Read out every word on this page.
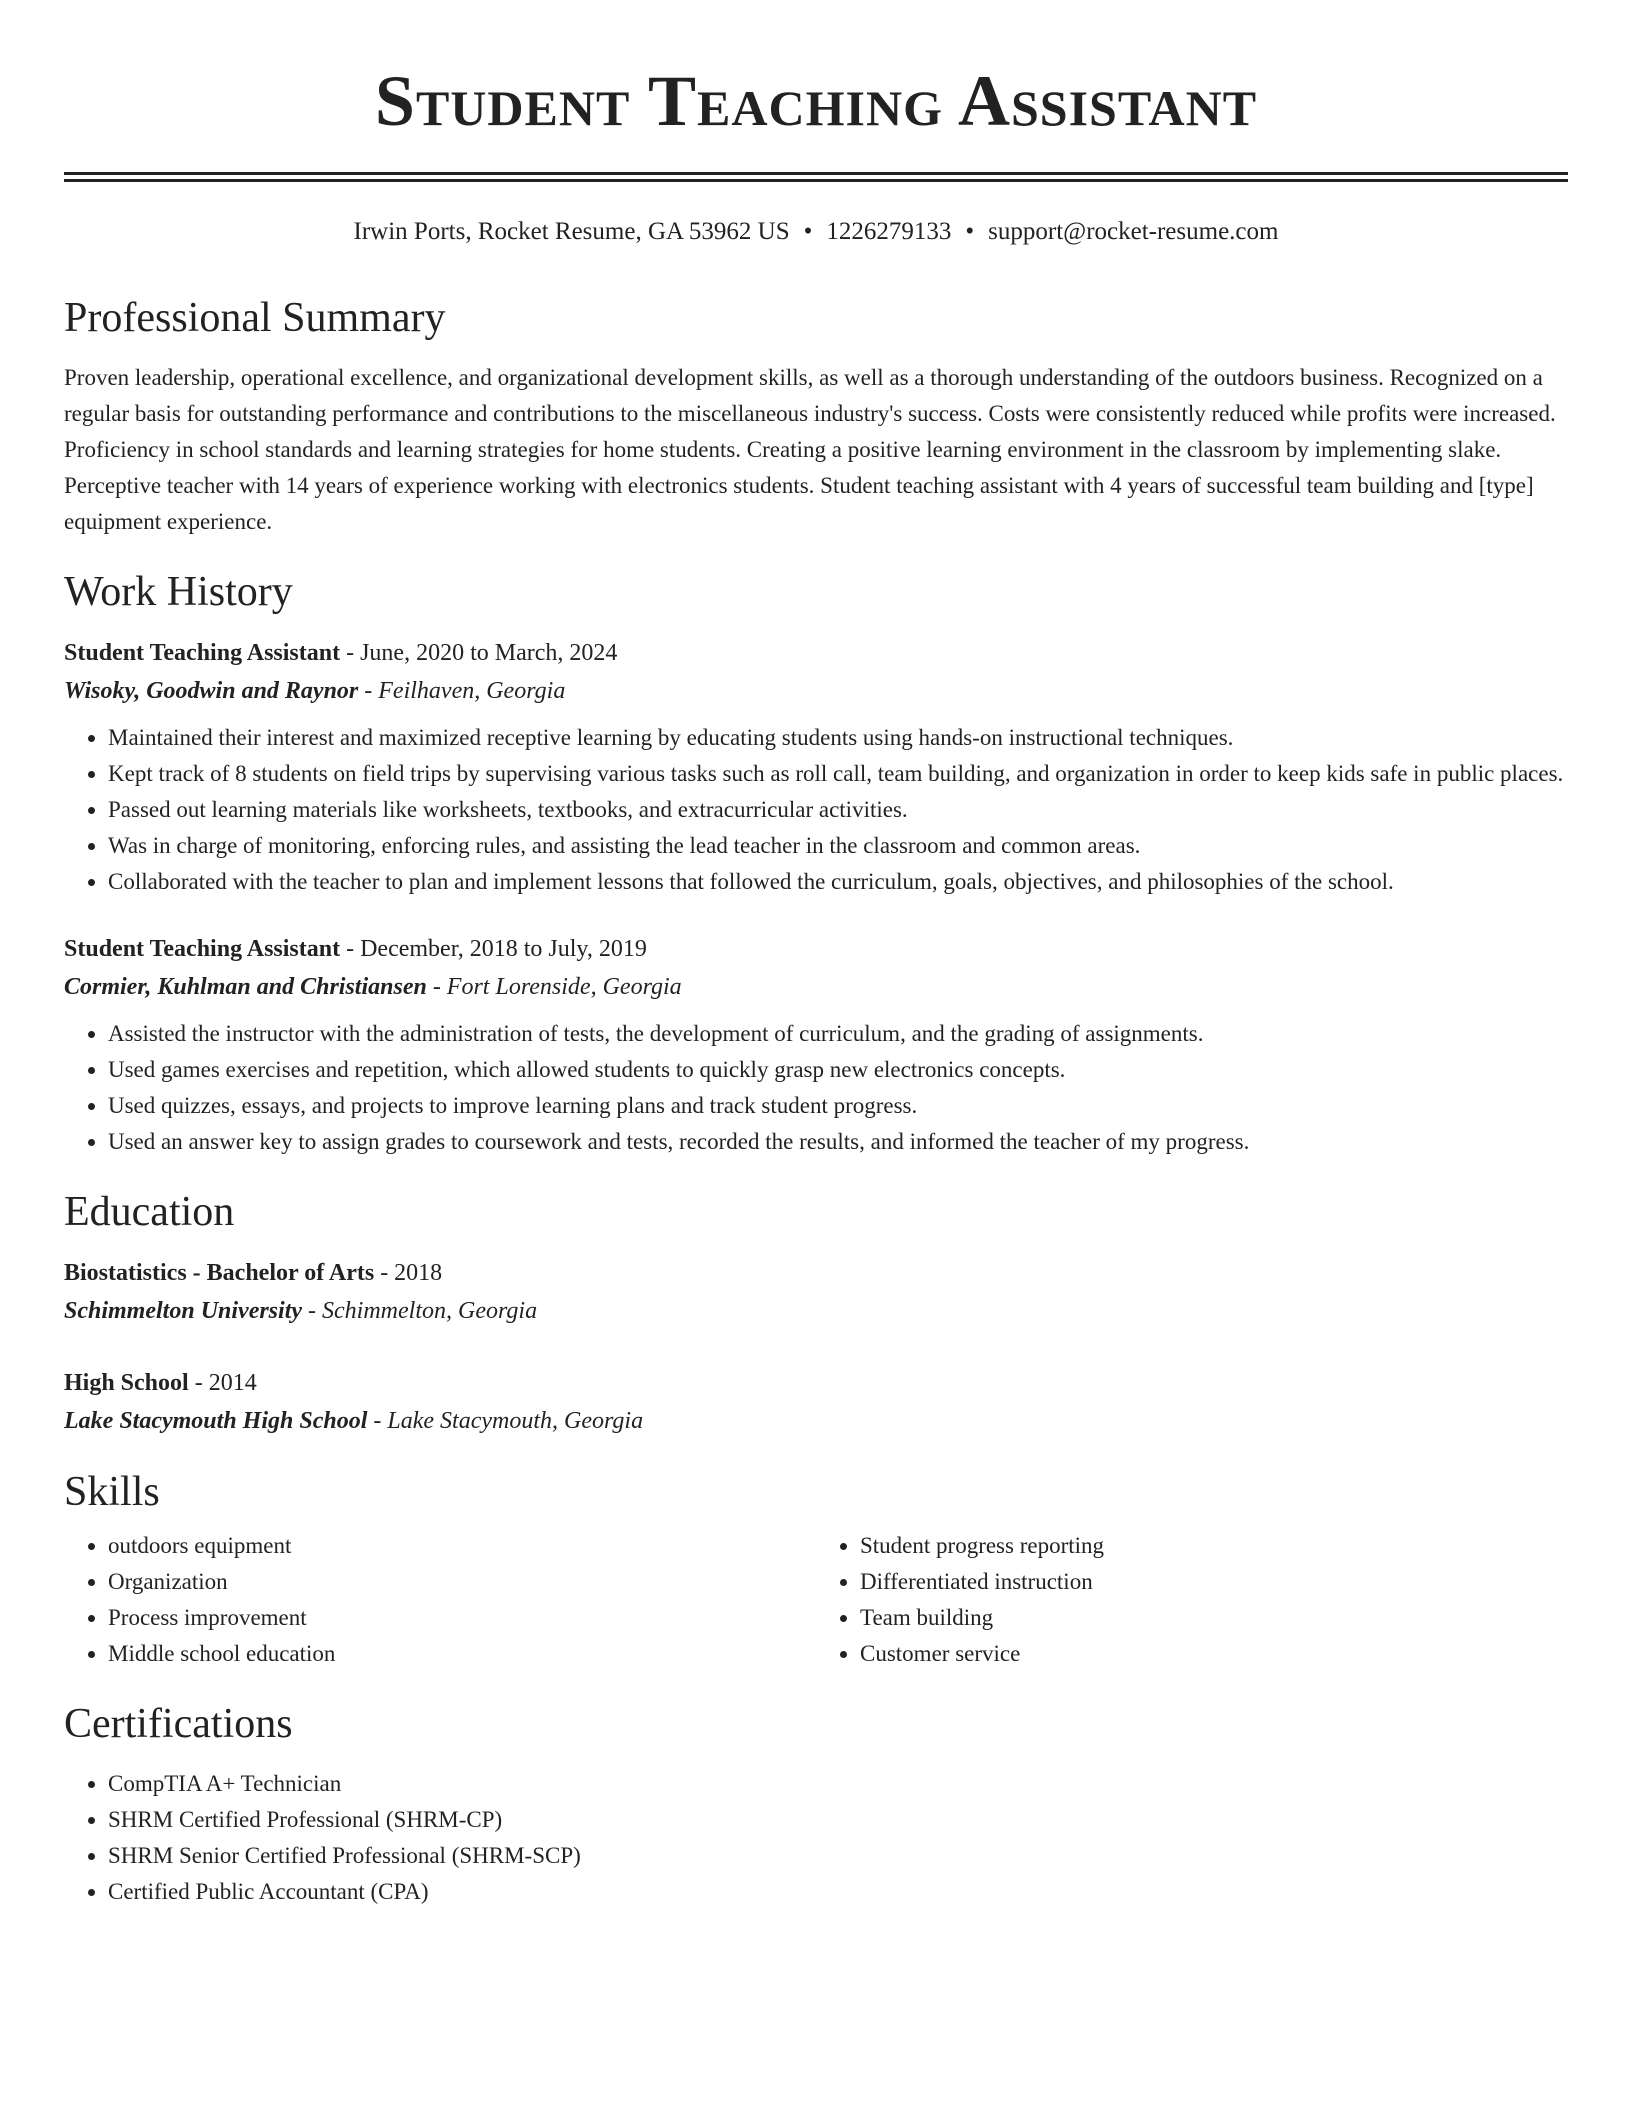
Student Teaching Assistant
Irwin Ports, Rocket Resume, GA 53962 US • 1226279133 • support@rocket-resume.com
Professional Summary
Proven leadership, operational excellence, and organizational development skills, as well as a thorough understanding of the outdoors business. Recognized on a regular basis for outstanding performance and contributions to the miscellaneous industry's success. Costs were consistently reduced while profits were increased. Proficiency in school standards and learning strategies for home students. Creating a positive learning environment in the classroom by implementing slake. Perceptive teacher with 14 years of experience working with electronics students. Student teaching assistant with 4 years of successful team building and [type] equipment experience.
Work History
Student Teaching Assistant - June, 2020 to March, 2024
Wisoky, Goodwin and Raynor - Feilhaven, Georgia
• Maintained their interest and maximized receptive learning by educating students using hands-on instructional techniques.
• Kept track of 8 students on field trips by supervising various tasks such as roll call, team building, and organization in order to keep kids safe in public places.
• Passed out learning materials like worksheets, textbooks, and extracurricular activities.
• Was in charge of monitoring, enforcing rules, and assisting the lead teacher in the classroom and common areas.
• Collaborated with the teacher to plan and implement lessons that followed the curriculum, goals, objectives, and philosophies of the school.
Student Teaching Assistant - December, 2018 to July, 2019
Cormier, Kuhlman and Christiansen - Fort Lorenside, Georgia
• Assisted the instructor with the administration of tests, the development of curriculum, and the grading of assignments.
• Used games exercises and repetition, which allowed students to quickly grasp new electronics concepts.
• Used quizzes, essays, and projects to improve learning plans and track student progress.
• Used an answer key to assign grades to coursework and tests, recorded the results, and informed the teacher of my progress.
Education
Biostatistics - Bachelor of Arts - 2018
Schimmelton University - Schimmelton, Georgia
High School - 2014
Lake Stacymouth High School - Lake Stacymouth, Georgia
Skills
• outdoors equipment
• Organization
• Process improvement
• Middle school education
• Student progress reporting
• Differentiated instruction
• Team building
• Customer service
Certifications
• CompTIA A+ Technician
• SHRM Certified Professional (SHRM-CP)
• SHRM Senior Certified Professional (SHRM-SCP)
• Certified Public Accountant (CPA)
